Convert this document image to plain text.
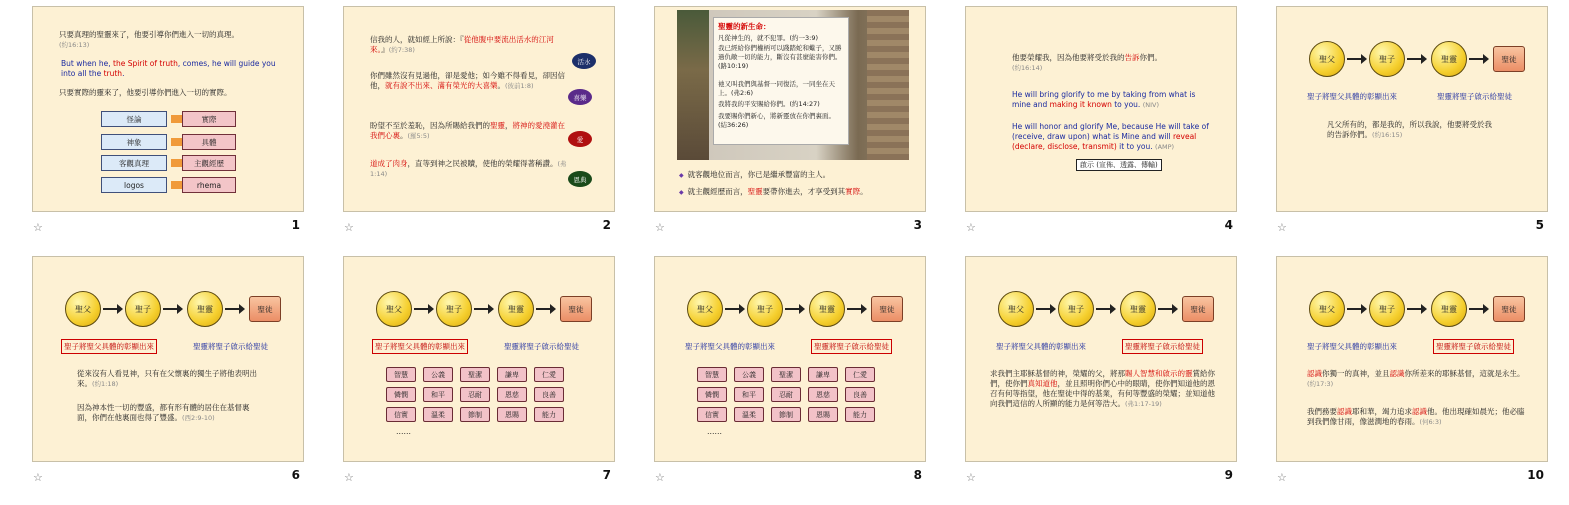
只要真理的聖靈來了，他要引導你們進入一切的真理。
(約16:13)
But when he, the Spirit of truth, comes, he will guide you into all the truth.
只要實際的靈來了，他要引導你們進入一切的實際。
怪論	實際
神象	具體
客觀真理	主觀經歷
logos	rhema
☆	1
信我的人，就如經上所說：『從他腹中要流出活水的江河來。』(約7:38)
活水
你們雖然沒有見過他，卻是愛他；如今雖不得看見，卻因信他，就有說不出來、滿有榮光的大喜樂。(彼前1:8)
喜樂
盼望不至於羞恥，因為所賜給我們的聖靈，將神的愛澆灌在我們心裏。(羅5:5)	愛
道成了肉身，直等到神之民被贖，使他的榮耀得著稱讚。(弗1:14)
恩典
☆	2
聖靈的新生命：
凡從神生的，就不犯罪。(約一3:9)
我已經給你們權柄可以踐踏蛇和蠍子，又勝過仇敵一切的能力，斷沒有甚麼能害你們。(路10:19)
祂又叫我們與基督一同復活，一同坐在天上。(弗2:6)
我將我的平安賜給你們。(約14:27)
我要賜你們新心，將新靈放在你們裏面。(結36:26)
◆ 就客觀地位而言，你已是繼承豐富的主人。
◆ 就主觀經歷而言，聖靈要帶你進去，才享受到其實際。
☆	3
他要榮耀我，因為他要將受於我的告訴你們。
(約16:14)
He will bring glorify to me by taking from what is mine and making it known to you. (NIV)
He will honor and glorify Me, because He will take of (receive, draw upon) what is Mine and will reveal (declare, disclose, transmit) it to you. (AMP)
啟示 (宣佈、透露、傳輸)
☆	4
聖父	聖子	聖靈	聖徒
聖子將聖父具體的彰顯出來	聖靈將聖子啟示給聖徒
凡父所有的，都是我的，所以我說，他要將受於我的告訴你們。(約16:15)
☆	5
聖父	聖子	聖靈	聖徒
聖子將聖父具體的彰顯出來	聖靈將聖子啟示給聖徒
從來沒有人看見神，只有在父懷裏的獨生子將他表明出來。(約1:18)
因為神本性一切的豐盛，都有形有體的居住在基督裏面，你們在他裏面也得了豐盛。(西2:9-10)
☆	6
聖父	聖子	聖靈	聖徒
聖子將聖父具體的彰顯出來	聖靈將聖子啟示給聖徒
智慧	公義	聖潔	謙卑	仁愛
憐憫	和平	忍耐	恩慈	良善
信實	溫柔	節制	恩賜	能力
……
☆	7
聖父	聖子	聖靈	聖徒
聖子將聖父具體的彰顯出來	聖靈將聖子啟示給聖徒
智慧	公義	聖潔	謙卑	仁愛
憐憫	和平	忍耐	恩慈	良善
信實	溫柔	節制	恩賜	能力
……
☆	8
聖父	聖子	聖靈	聖徒
聖子將聖父具體的彰顯出來	聖靈將聖子啟示給聖徒
求我們主耶穌基督的神，榮耀的父，將那賜人智慧和啟示的靈賞給你們，使你們真知道他，並且照明你們心中的眼睛，使你們知道他的恩召有何等指望，他在聖徒中得的基業，有何等豐盛的榮耀；並知道他向我們這信的人所顯的能力是何等浩大。(弗1:17-19)
☆	9
聖父	聖子	聖靈	聖徒
聖子將聖父具體的彰顯出來	聖靈將聖子啟示給聖徒
認識你獨一的真神，並且認識你所差來的耶穌基督，這就是永生。(約17:3)
我們務要認識耶和華，竭力追求認識他。他出現確如晨光；他必臨到我們像甘雨，像滋潤地的春雨。(何6:3)
☆	10
